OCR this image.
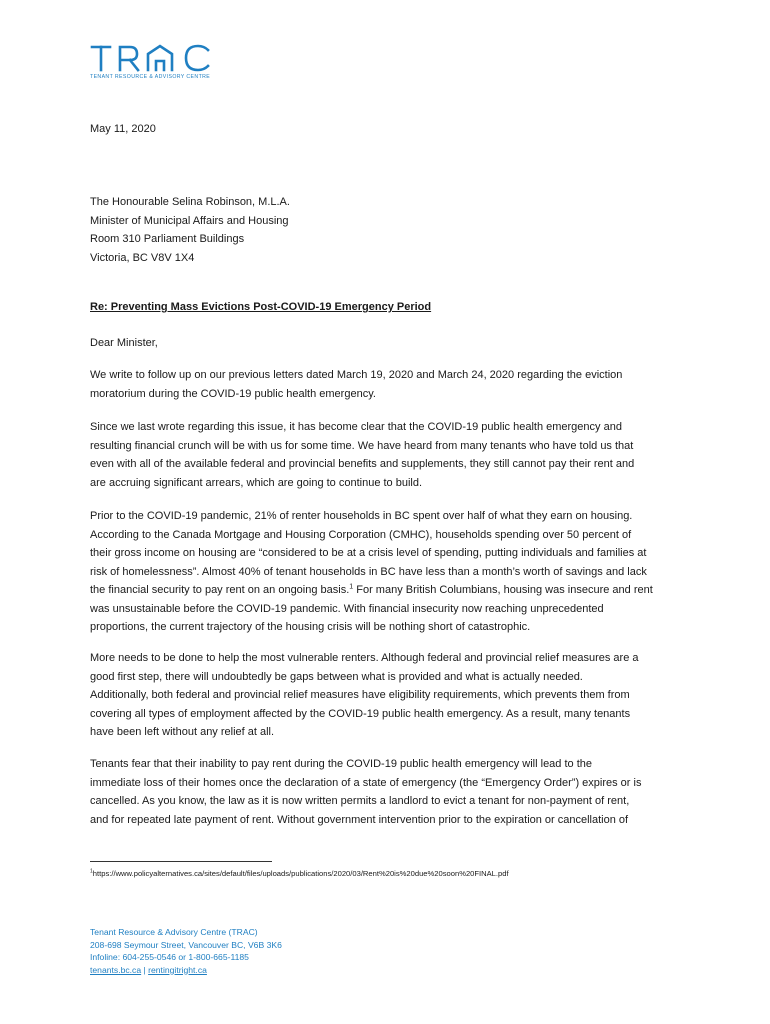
TENANT RESOURCE & ADVISORY CENTRE
May 11, 2020

The Honourable Selina Robinson, M.L.A.

Minister of Municipal Affairs and Housing

Room 310 Parliament Buildings

Victoria, BC V8V 1X4

Re: Preventing Mass Evictions Post-COVID-19 Emergency Period
Dear Minister,

We write to follow up on our previous letters dated March 19, 2020 and March 24, 2020 regarding the eviction

moratorium during the COVID-19 public health emergency.

Since we last wrote regarding this issue, it has become clear that the COVID-19 public health emergency and

resulting financial crunch will be with us for some time. We have heard from many tenants who have told us that

even with all of the available federal and provincial benefits and supplements, they still cannot pay their rent and

are accruing significant arrears, which are going to continue to build.

Prior to the COVID-19 pandemic, 21% of renter households in BC spent over half of what they earn on housing.

According to the Canada Mortgage and Housing Corporation (CMHC), households spending over 50 percent of

their gross income on housing are “considered to be at a crisis level of spending, putting individuals and families at

risk of homelessness”. Almost 40% of tenant households in BC have less than a month’s worth of savings and lack

the financial security to pay rent on an ongoing basis.$^1$ For many British Columbians, housing was insecure and rent

was unsustainable before the COVID-19 pandemic. With financial insecurity now reaching unprecedented

proportions, the current trajectory of the housing crisis will be nothing short of catastrophic.

More needs to be done to help the most vulnerable renters. Although federal and provincial relief measures are a

good first step, there will undoubtedly be gaps between what is provided and what is actually needed.

Additionally, both federal and provincial relief measures have eligibility requirements, which prevents them from

covering all types of employment affected by the COVID-19 public health emergency. As a result, many tenants

have been left without any relief at all.

Tenants fear that their inability to pay rent during the COVID-19 public health emergency will lead to the

immediate loss of their homes once the declaration of a state of emergency (the “Emergency Order”) expires or is

cancelled. As you know, the law as it is now written permits a landlord to evict a tenant for non-payment of rent,

and for repeated late payment of rent. Without government intervention prior to the expiration or cancellation of

$^1$https://www.policyalternatives.ca/sites/default/files/uploads/publications/2020/03/Rent%20is%20due%20soon%20FINAL.pdf
Tenant Resource & Advisory Centre (TRAC)
208-698 Seymour Street, Vancouver BC, V6B 3K6
Infoline: 604-255-0546 or 1-800-665-1185
tenants.bc.ca | rentingitright.ca
